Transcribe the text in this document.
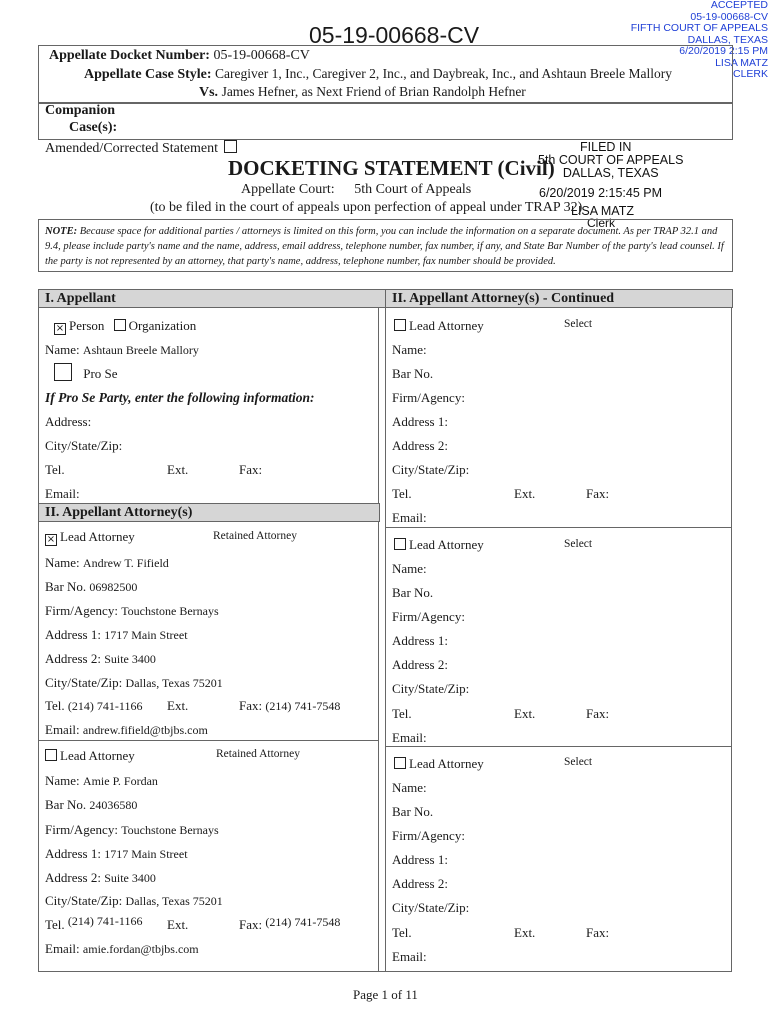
ACCEPTED
05-19-00668-CV
FIFTH COURT OF APPEALS
DALLAS, TEXAS
6/20/2019 2:15 PM
LISA MATZ
CLERK
05-19-00668-CV
Appellate Docket Number: 05-19-00668-CV
Appellate Case Style: Caregiver 1, Inc., Caregiver 2, Inc., and Daybreak, Inc., and Ashtaun Breele Mallory
Vs. James Hefner, as Next Friend of Brian Randolph Hefner
Companion
Case(s):
Amended/Corrected Statement	FILED IN
5th COURT OF APPEALS
DALLAS, TEXAS
6/20/2019 2:15:45 PM
LISA MATZ
Clerk
DOCKETING STATEMENT (Civil)
Appellate Court: 5th Court of Appeals
(to be filed in the court of appeals upon perfection of appeal under TRAP 32)
NOTE: Because space for additional parties / attorneys is limited on this form, you can include the information on a separate document. As per TRAP 32.1 and 9.4, please include party's name and the name, address, email address, telephone number, fax number, if any, and State Bar Number of the party's lead counsel. If the party is not represented by an attorney, that party's name, address, telephone number, fax number should be provided.
I. Appellant	II. Appellant Attorney(s) - Continued
× Person Organization
Name: Ashtaun Breele Mallory
Pro Se
If Pro Se Party, enter the following information:
Address:
City/State/Zip:
Tel.	Ext.	Fax:
Email:
II. Appellant Attorney(s)
× Lead Attorney	Retained Attorney
Name: Andrew T. Fifield
Bar No. 06982500
Firm/Agency: Touchstone Bernays
Address 1: 1717 Main Street
Address 2: Suite 3400
City/State/Zip: Dallas, Texas 75201
Tel. (214) 741-1166 Ext.	Fax: (214) 741-7548
Email: andrew.fifield@tbjbs.com
Lead Attorney	Retained Attorney
Name: Amie P. Fordan
Bar No. 24036580
Firm/Agency: Touchstone Bernays
Address 1: 1717 Main Street
Address 2: Suite 3400
City/State/Zip: Dallas, Texas 75201
Tel. (214) 741-1166 Ext.	Fax: (214) 741-7548
Email: amie.fordan@tbjbs.com
Lead Attorney	Select
Name:
Bar No.
Firm/Agency:
Address 1:
Address 2:
City/State/Zip:
Tel.	Ext.	Fax:
Email:
Lead Attorney	Select
Name:
Bar No.
Firm/Agency:
Address 1:
Address 2:
City/State/Zip:
Tel.	Ext.	Fax:
Email:
Lead Attorney	Select
Name:
Bar No.
Firm/Agency:
Address 1:
Address 2:
City/State/Zip:
Tel.	Ext.	Fax:
Email:
Page 1 of 11
